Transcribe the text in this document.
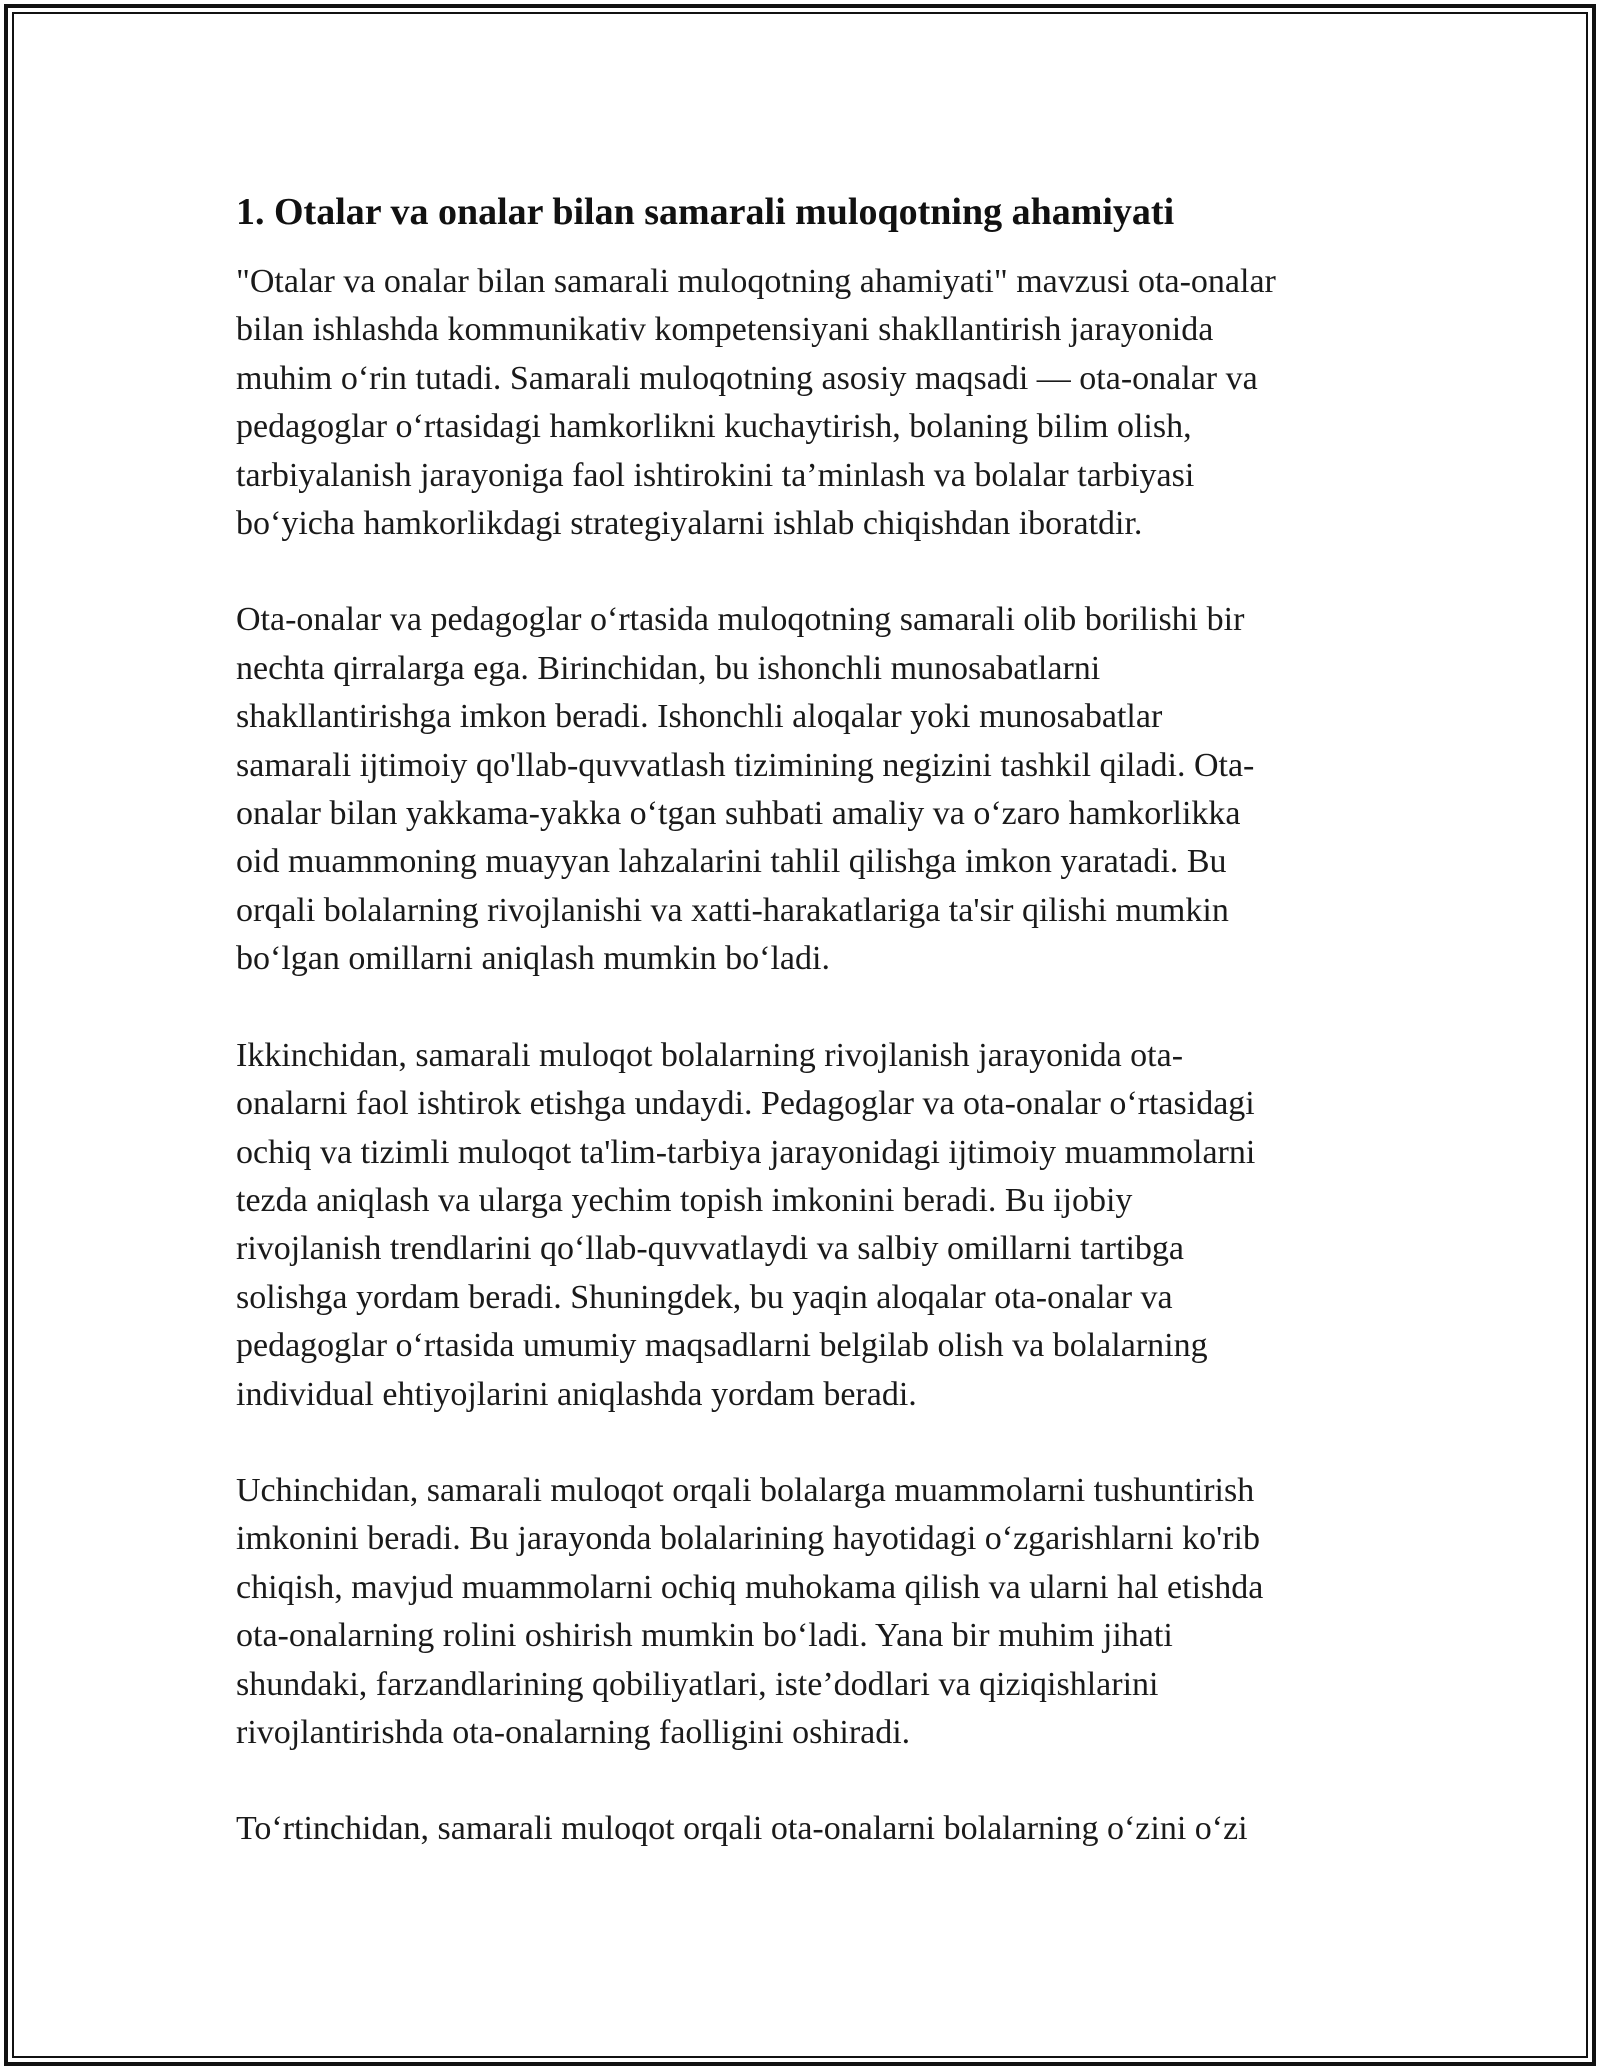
1. Otalar va onalar bilan samarali muloqotning ahamiyati

"Otalar va onalar bilan samarali muloqotning ahamiyati" mavzusi ota-onalar
bilan ishlashda kommunikativ kompetensiyani shakllantirish jarayonida
muhim oʻrin tutadi. Samarali muloqotning asosiy maqsadi — ota-onalar va
pedagoglar oʻrtasidagi hamkorlikni kuchaytirish, bolaning bilim olish,
tarbiyalanish jarayoniga faol ishtirokini ta’minlash va bolalar tarbiyasi
boʻyicha hamkorlikdagi strategiyalarni ishlab chiqishdan iboratdir.

Ota-onalar va pedagoglar oʻrtasida muloqotning samarali olib borilishi bir
nechta qirralarga ega. Birinchidan, bu ishonchli munosabatlarni
shakllantirishga imkon beradi. Ishonchli aloqalar yoki munosabatlar
samarali ijtimoiy qo'llab-quvvatlash tizimining negizini tashkil qiladi. Ota-
onalar bilan yakkama-yakka oʻtgan suhbati amaliy va oʻzaro hamkorlikka
oid muammoning muayyan lahzalarini tahlil qilishga imkon yaratadi. Bu
orqali bolalarning rivojlanishi va xatti-harakatlariga ta'sir qilishi mumkin
boʻlgan omillarni aniqlash mumkin boʻladi.

Ikkinchidan, samarali muloqot bolalarning rivojlanish jarayonida ota-
onalarni faol ishtirok etishga undaydi. Pedagoglar va ota-onalar oʻrtasidagi
ochiq va tizimli muloqot ta'lim-tarbiya jarayonidagi ijtimoiy muammolarni
tezda aniqlash va ularga yechim topish imkonini beradi. Bu ijobiy
rivojlanish trendlarini qoʻllab-quvvatlaydi va salbiy omillarni tartibga
solishga yordam beradi. Shuningdek, bu yaqin aloqalar ota-onalar va
pedagoglar oʻrtasida umumiy maqsadlarni belgilab olish va bolalarning
individual ehtiyojlarini aniqlashda yordam beradi.

Uchinchidan, samarali muloqot orqali bolalarga muammolarni tushuntirish
imkonini beradi. Bu jarayonda bolalarining hayotidagi oʻzgarishlarni ko'rib
chiqish, mavjud muammolarni ochiq muhokama qilish va ularni hal etishda
ota-onalarning rolini oshirish mumkin boʻladi. Yana bir muhim jihati
shundaki, farzandlarining qobiliyatlari, iste’dodlari va qiziqishlarini
rivojlantirishda ota-onalarning faolligini oshiradi.

Toʻrtinchidan, samarali muloqot orqali ota-onalarni bolalarning oʻzini oʻzi
